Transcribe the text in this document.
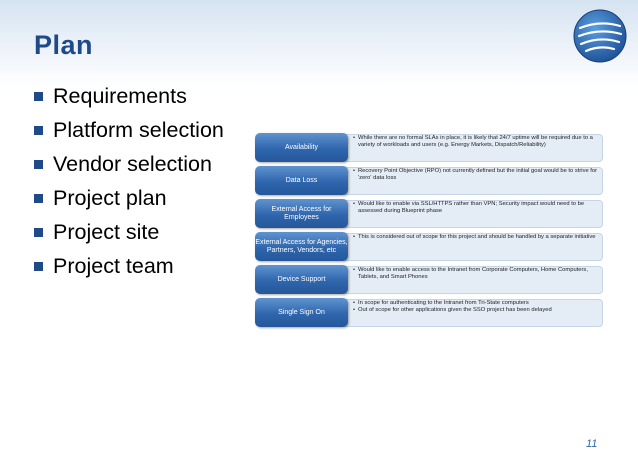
Plan
Requirements
Platform selection
Vendor selection
Project plan
Project site
Project team
Availability
• While there are no formal SLAs in place, it is likely that 24/7 uptime will be required due to a variety of workloads and users (e.g. Energy Markets, Dispatch/Reliability)
Data Loss
• Recovery Point Objective (RPO) not currently defined but the initial goal would be to strive for 'zero' data loss
External Access for Employees
• Would like to enable via SSL/HTTPS rather than VPN; Security impact would need to be assessed during Blueprint phase
External Access for Agencies, Partners, Vendors, etc
• This is considered out of scope for this project and should be handled by a separate initiative
Device Support
• Would like to enable access to the Intranet from Corporate Computers, Home Computers, Tablets, and Smart Phones
Single Sign On
• In scope for authenticating to the Intranet from Tri-State computers
• Out of scope for other applications given the SSO project has been delayed
11
